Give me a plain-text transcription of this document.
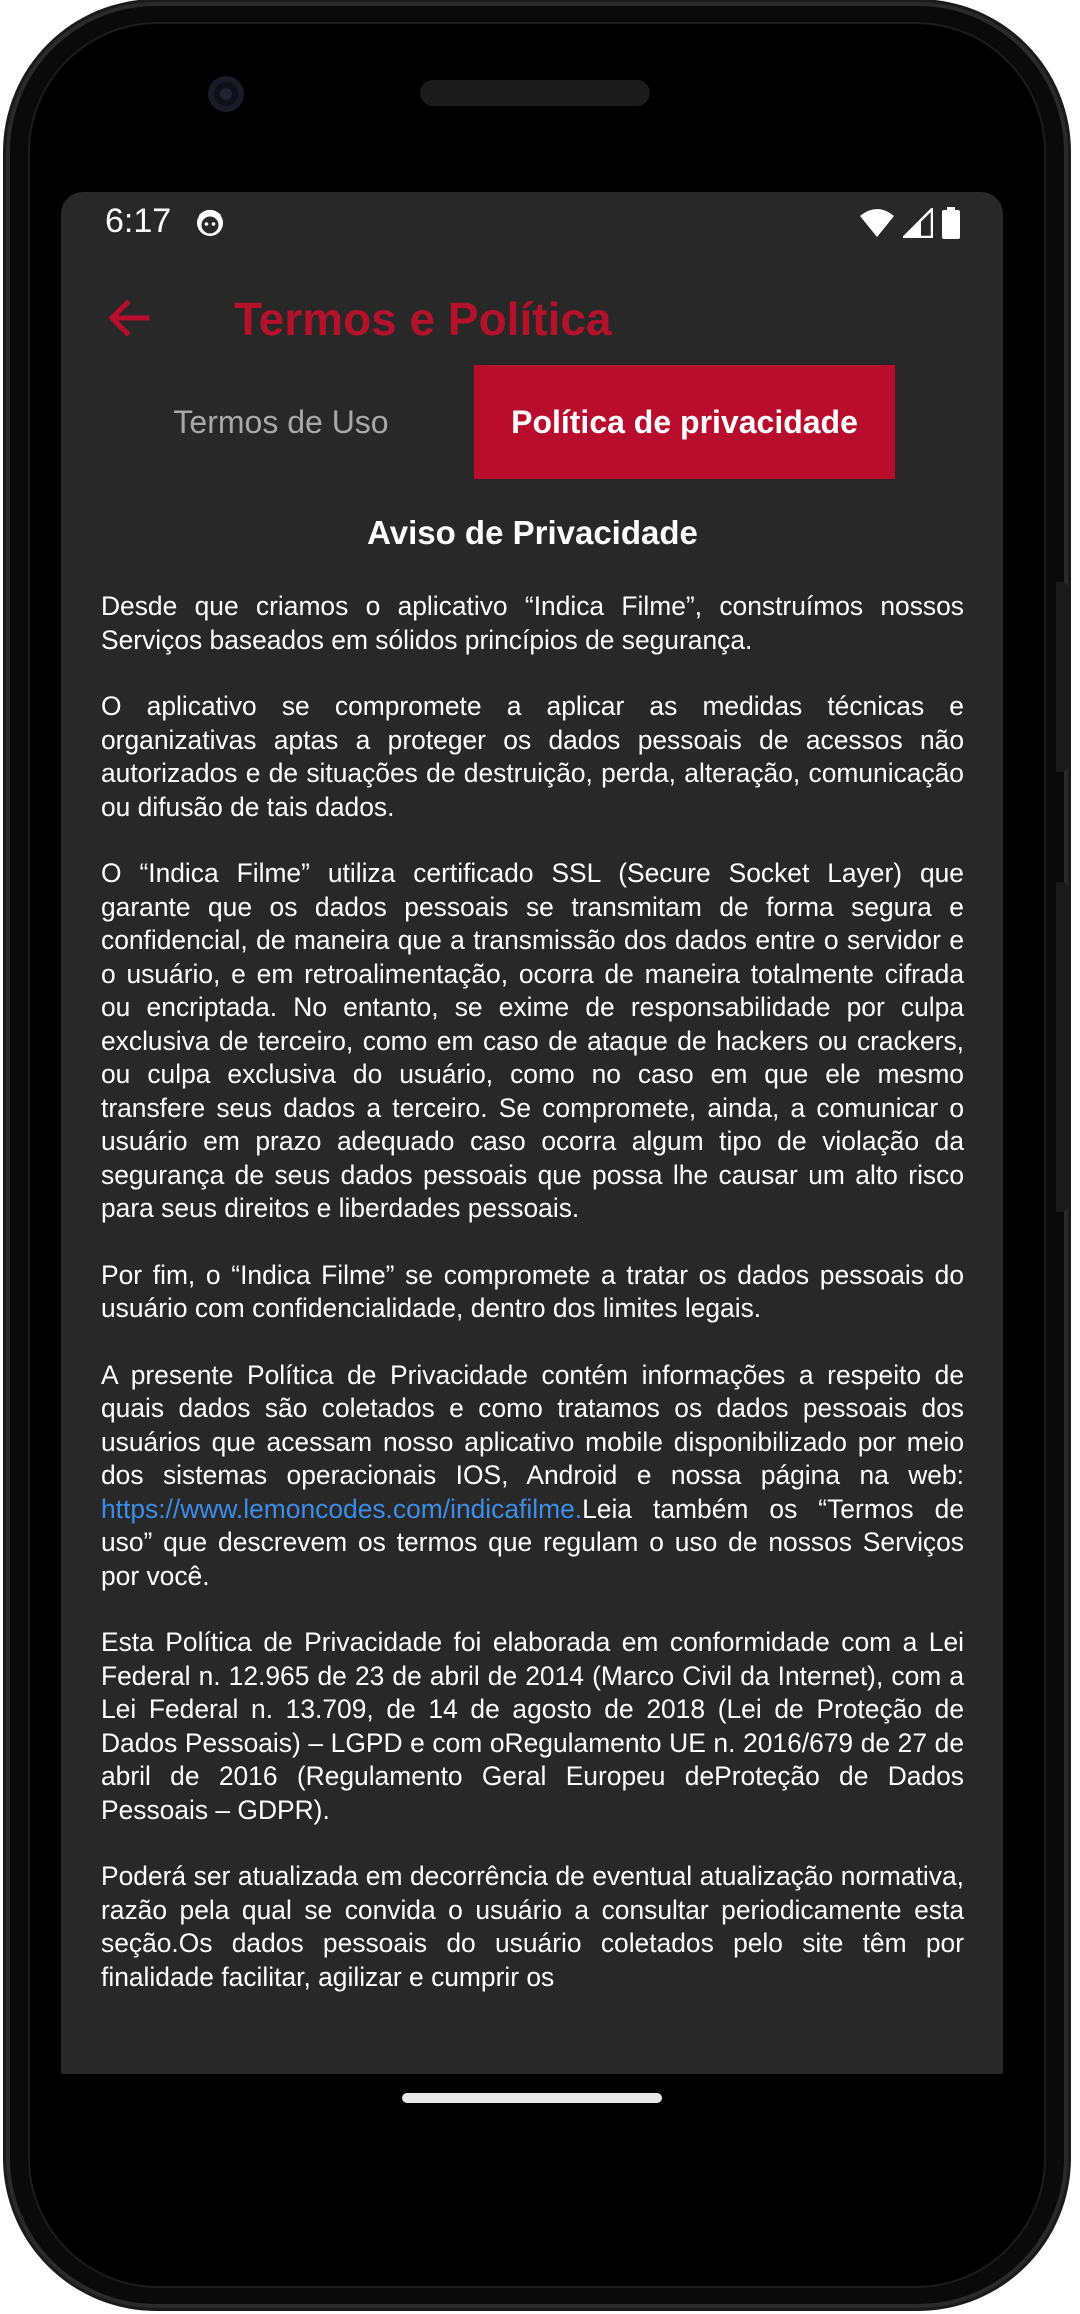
6:17
Termos e Política
Termos de Uso	Política de privacidade
Aviso de Privacidade

Desde que criamos o aplicativo “Indica Filme”, construímos nossos Serviços baseados em sólidos princípios de segurança.

O aplicativo se compromete a aplicar as medidas técnicas e organizativas aptas a proteger os dados pessoais de acessos não autorizados e de situações de destruição, perda, alteração, comunicação ou difusão de tais dados.

O “Indica Filme” utiliza certificado SSL (Secure Socket Layer) que garante que os dados pessoais se transmitam de forma segura e confidencial, de maneira que a transmissão dos dados entre o servidor e o usuário, e em retroalimentação, ocorra de maneira totalmente cifrada ou encriptada. No entanto, se exime de responsabilidade por culpa exclusiva de terceiro, como em caso de ataque de hackers ou crackers, ou culpa exclusiva do usuário, como no caso em que ele mesmo transfere seus dados a terceiro. Se compromete, ainda, a comunicar o usuário em prazo adequado caso ocorra algum tipo de violação da segurança de seus dados pessoais que possa lhe causar um alto risco para seus direitos e liberdades pessoais.

Por fim, o “Indica Filme” se compromete a tratar os dados pessoais do usuário com confidencialidade, dentro dos limites legais.

A presente Política de Privacidade contém informações a respeito de quais dados são coletados e como tratamos os dados pessoais dos usuários que acessam nosso aplicativo mobile disponibilizado por meio dos sistemas operacionais IOS, Android e nossa página na web: https://www.lemoncodes.com/indicafilme.Leia também os “Termos de uso” que descrevem os termos que regulam o uso de nossos Serviços por você.

Esta Política de Privacidade foi elaborada em conformidade com a Lei Federal n. 12.965 de 23 de abril de 2014 (Marco Civil da Internet), com a Lei Federal n. 13.709, de 14 de agosto de 2018 (Lei de Proteção de Dados Pessoais) – LGPD e com oRegulamento UE n. 2016/679 de 27 de abril de 2016 (Regulamento Geral Europeu deProteção de Dados Pessoais – GDPR).

Poderá ser atualizada em decorrência de eventual atualização normativa, razão pela qual se convida o usuário a consultar periodicamente esta seção.Os dados pessoais do usuário coletados pelo site têm por finalidade facilitar, agilizar e cumprir os
